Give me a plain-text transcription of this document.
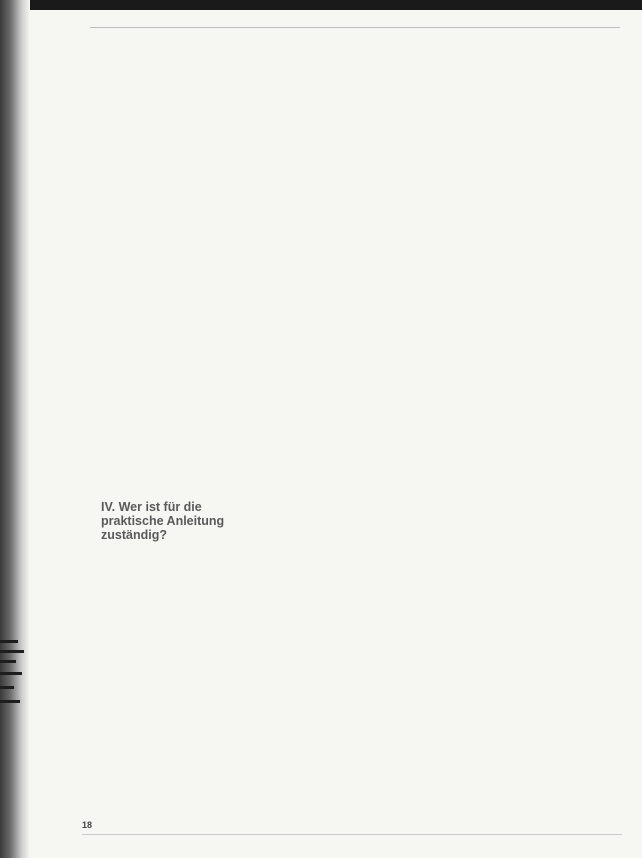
IV. Wer ist für die praktische Anleitung zuständig?
18
